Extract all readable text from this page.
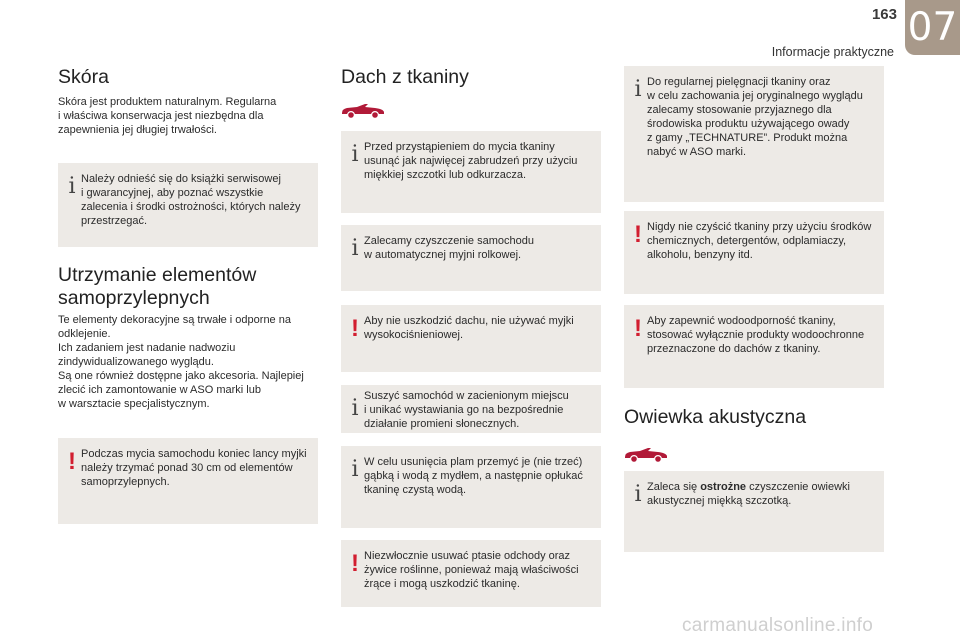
163
Informacje praktyczne
07
Skóra

Skóra jest produktem naturalnym. Regularna
i właściwa konserwacja jest niezbędna dla
zapewnienia jej długiej trwałości.

i Należy odnieść się do książki serwisowej
i gwarancyjnej, aby poznać wszystkie
zalecenia i środki ostrożności, których należy
przestrzegać.
Utrzymanie elementów
samoprzylepnych

Te elementy dekoracyjne są trwałe i odporne na
odklejenie.
Ich zadaniem jest nadanie nadwoziu
zindywidualizowanego wyglądu.
Są one również dostępne jako akcesoria. Najlepiej
zlecić ich zamontowanie w ASO marki lub
w warsztacie specjalistycznym.

! Podczas mycia samochodu koniec lancy myjki
należy trzymać ponad 30 cm od elementów
samoprzylepnych.
Dach z tkaniny
i Przed przystąpieniem do mycia tkaniny
usunąć jak najwięcej zabrudzeń przy użyciu
miękkiej szczotki lub odkurzacza.
i Zalecamy czyszczenie samochodu
w automatycznej myjni rolkowej.
! Aby nie uszkodzić dachu, nie używać myjki
wysokociśnieniowej.
i Suszyć samochód w zacienionym miejscu
i unikać wystawiania go na bezpośrednie
działanie promieni słonecznych.
i W celu usunięcia plam przemyć je (nie trzeć)
gąbką i wodą z mydłem, a następnie opłukać
tkaninę czystą wodą.
! Niezwłocznie usuwać ptasie odchody oraz
żywice roślinne, ponieważ mają właściwości
żrące i mogą uszkodzić tkaninę.
i Do regularnej pielęgnacji tkaniny oraz
w celu zachowania jej oryginalnego wyglądu
zalecamy stosowanie przyjaznego dla
środowiska produktu używającego owady
z gamy „TECHNATURE”. Produkt można
nabyć w ASO marki.
! Nigdy nie czyścić tkaniny przy użyciu środków
chemicznych, detergentów, odplamiaczy,
alkoholu, benzyny itd.
! Aby zapewnić wodoodporność tkaniny,
stosować wyłącznie produkty wodoochronne
przeznaczone do dachów z tkaniny.
Owiewka akustyczna
i Zaleca się ostrożne czyszczenie owiewki
akustycznej miękką szczotką.
carmanualsonline.info
